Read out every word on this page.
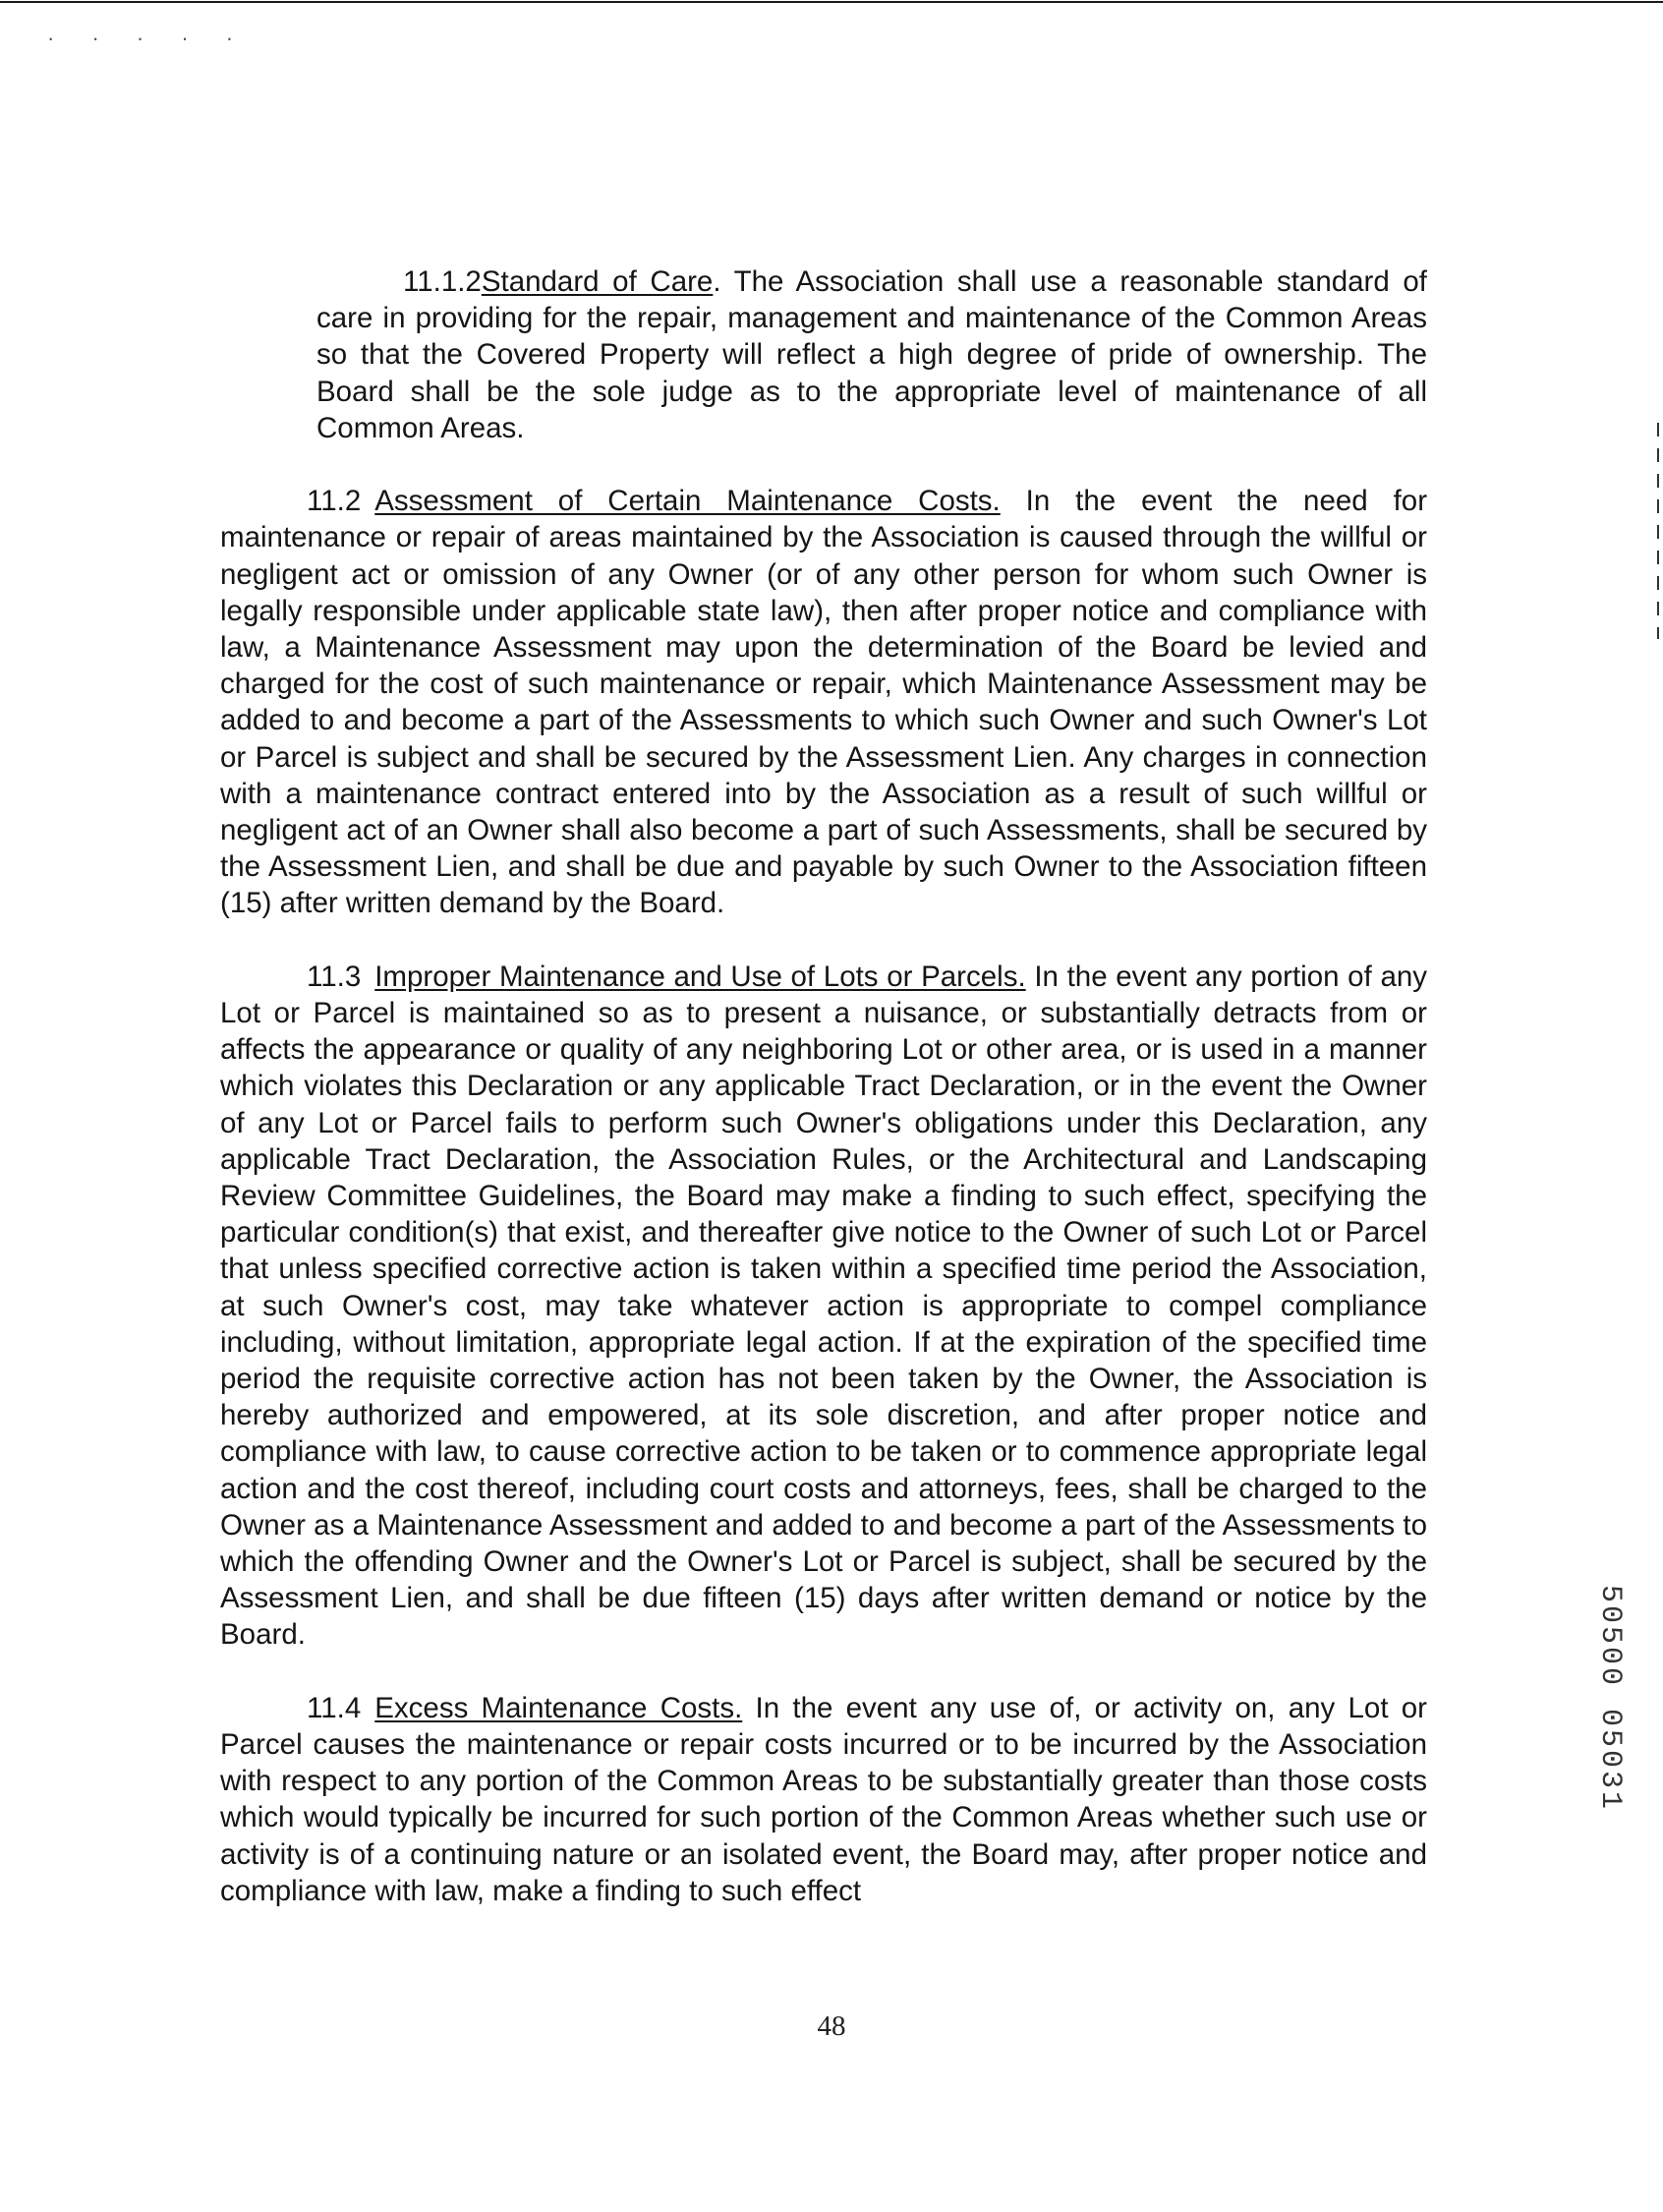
· · · · ·

11.1.2Standard of Care. The Association shall use a reasonable standard of care in providing for the repair, management and maintenance of the Common Areas so that the Covered Property will reflect a high degree of pride of ownership. The Board shall be the sole judge as to the appropriate level of maintenance of all Common Areas.

11.2 Assessment of Certain Maintenance Costs. In the event the need for maintenance or repair of areas maintained by the Association is caused through the willful or negligent act or omission of any Owner (or of any other person for whom such Owner is legally responsible under applicable state law), then after proper notice and compliance with law, a Maintenance Assessment may upon the determination of the Board be levied and charged for the cost of such maintenance or repair, which Maintenance Assessment may be added to and become a part of the Assessments to which such Owner and such Owner's Lot or Parcel is subject and shall be secured by the Assessment Lien. Any charges in connection with a maintenance contract entered into by the Association as a result of such willful or negligent act of an Owner shall also become a part of such Assessments, shall be secured by the Assessment Lien, and shall be due and payable by such Owner to the Association fifteen (15) after written demand by the Board.

11.3 Improper Maintenance and Use of Lots or Parcels. In the event any portion of any Lot or Parcel is maintained so as to present a nuisance, or substantially detracts from or affects the appearance or quality of any neighboring Lot or other area, or is used in a manner which violates this Declaration or any applicable Tract Declaration, or in the event the Owner of any Lot or Parcel fails to perform such Owner's obligations under this Declaration, any applicable Tract Declaration, the Association Rules, or the Architectural and Landscaping Review Committee Guidelines, the Board may make a finding to such effect, specifying the particular condition(s) that exist, and thereafter give notice to the Owner of such Lot or Parcel that unless specified corrective action is taken within a specified time period the Association, at such Owner's cost, may take whatever action is appropriate to compel compliance including, without limitation, appropriate legal action. If at the expiration of the specified time period the requisite corrective action has not been taken by the Owner, the Association is hereby authorized and empowered, at its sole discretion, and after proper notice and compliance with law, to cause corrective action to be taken or to commence appropriate legal action and the cost thereof, including court costs and attorneys, fees, shall be charged to the Owner as a Maintenance Assessment and added to and become a part of the Assessments to which the offending Owner and the Owner's Lot or Parcel is subject, shall be secured by the Assessment Lien, and shall be due fifteen (15) days after written demand or notice by the Board.

11.4 Excess Maintenance Costs. In the event any use of, or activity on, any Lot or Parcel causes the maintenance or repair costs incurred or to be incurred by the Association with respect to any portion of the Common Areas to be substantially greater than those costs which would typically be incurred for such portion of the Common Areas whether such use or activity is of a continuing nature or an isolated event, the Board may, after proper notice and compliance with law, make a finding to such effect

48
50500 05031
